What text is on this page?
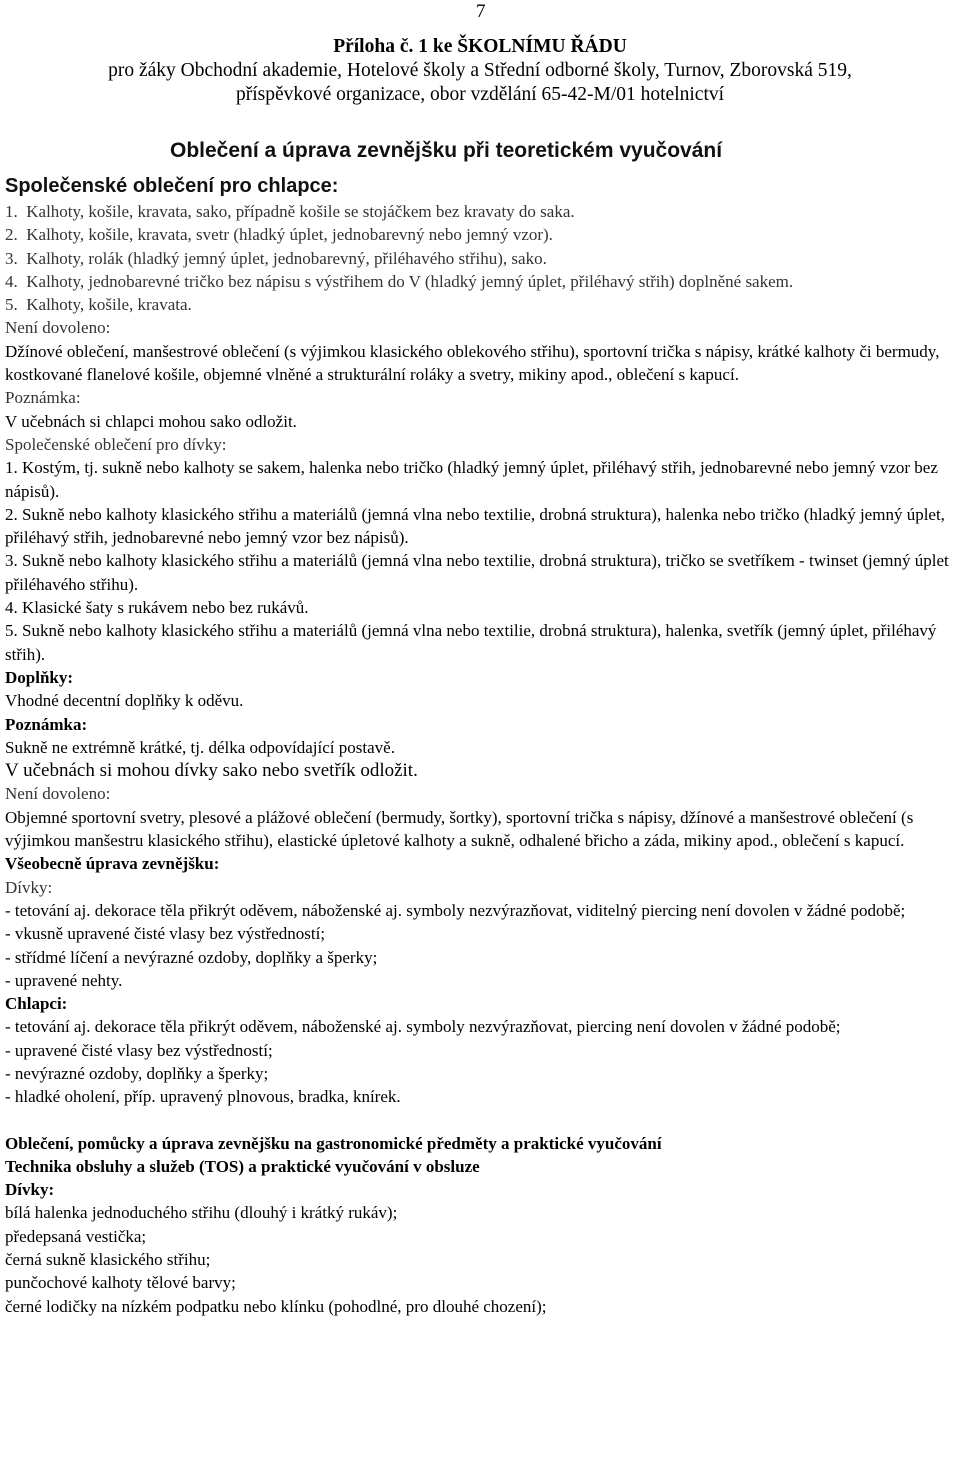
7
Příloha č. 1 ke ŠKOLNÍMU ŘÁDU
pro žáky Obchodní akademie, Hotelové školy a Střední odborné školy, Turnov, Zborovská 519,
příspěvkové organizace, obor vzdělání 65-42-M/01 hotelnictví
Oblečení a úprava zevnějšku při teoretickém vyučování
Společenské oblečení pro chlapce:
1.  Kalhoty, košile, kravata, sako, případně košile se stojáčkem bez kravaty do saka.
2.  Kalhoty, košile, kravata, svetr (hladký úplet, jednobarevný nebo jemný vzor).
3.  Kalhoty, rolák (hladký jemný úplet, jednobarevný, přiléhavého střihu), sako.
4.  Kalhoty, jednobarevné tričko bez nápisu s výstřihem do V (hladký jemný úplet, přiléhavý střih) doplněné sakem.
5.  Kalhoty, košile, kravata.

Není dovoleno:

Džínové oblečení, manšestrové oblečení (s výjimkou klasického oblekového střihu), sportovní trička s nápisy, krátké kalhoty či bermudy, kostkované flanelové košile, objemné vlněné a strukturální roláky a svetry, mikiny apod., oblečení s kapucí.

Poznámka:

V učebnách si chlapci mohou sako odložit.

Společenské oblečení pro dívky:

1. Kostým, tj. sukně nebo kalhoty se sakem, halenka nebo tričko (hladký jemný úplet, přiléhavý střih, jednobarevné nebo jemný vzor bez nápisů).

2. Sukně nebo kalhoty klasického střihu a materiálů (jemná vlna nebo textilie, drobná struktura), halenka nebo tričko (hladký jemný úplet, přiléhavý střih, jednobarevné nebo jemný vzor bez nápisů).

3. Sukně nebo kalhoty klasického střihu a materiálů (jemná vlna nebo textilie, drobná struktura), tričko se svetříkem - twinset (jemný úplet přiléhavého střihu).

4. Klasické šaty s rukávem nebo bez rukávů.

5. Sukně nebo kalhoty klasického střihu a materiálů (jemná vlna nebo textilie, drobná struktura), halenka, svetřík (jemný úplet, přiléhavý střih).

Doplňky:

Vhodné decentní doplňky k oděvu.

Poznámka:

Sukně ne extrémně krátké, tj. délka odpovídající postavě.

V učebnách si mohou dívky sako nebo svetřík odložit.

Není dovoleno:

Objemné sportovní svetry, plesové a plážové oblečení (bermudy, šortky), sportovní trička s nápisy, džínové a manšestrové oblečení (s výjimkou manšestru klasického střihu), elastické úpletové kalhoty a sukně, odhalené břicho a záda, mikiny apod., oblečení s kapucí.

Všeobecně úprava zevnějšku:

Dívky:

- tetování aj. dekorace těla přikrýt oděvem, náboženské aj. symboly nezvýrazňovat, viditelný piercing není dovolen v žádné podobě;

- vkusně upravené čisté vlasy bez výstředností;

- střídmé líčení a nevýrazné ozdoby, doplňky a šperky;

- upravené nehty.

Chlapci:

- tetování aj. dekorace těla přikrýt oděvem, náboženské aj. symboly nezvýrazňovat, piercing není dovolen v žádné podobě;

- upravené čisté vlasy bez výstředností;

- nevýrazné ozdoby, doplňky a šperky;

- hladké oholení, příp. upravený plnovous, bradka, knírek.

Oblečení, pomůcky a úprava zevnějšku na gastronomické předměty a praktické vyučování

Technika obsluhy a služeb (TOS) a praktické vyučování v obsluze

Dívky:

bílá halenka jednoduchého střihu (dlouhý i krátký rukáv);

předepsaná vestička;

černá sukně klasického střihu;

punčochové kalhoty tělové barvy;

černé lodičky na nízkém podpatku nebo klínku (pohodlné, pro dlouhé chození);
